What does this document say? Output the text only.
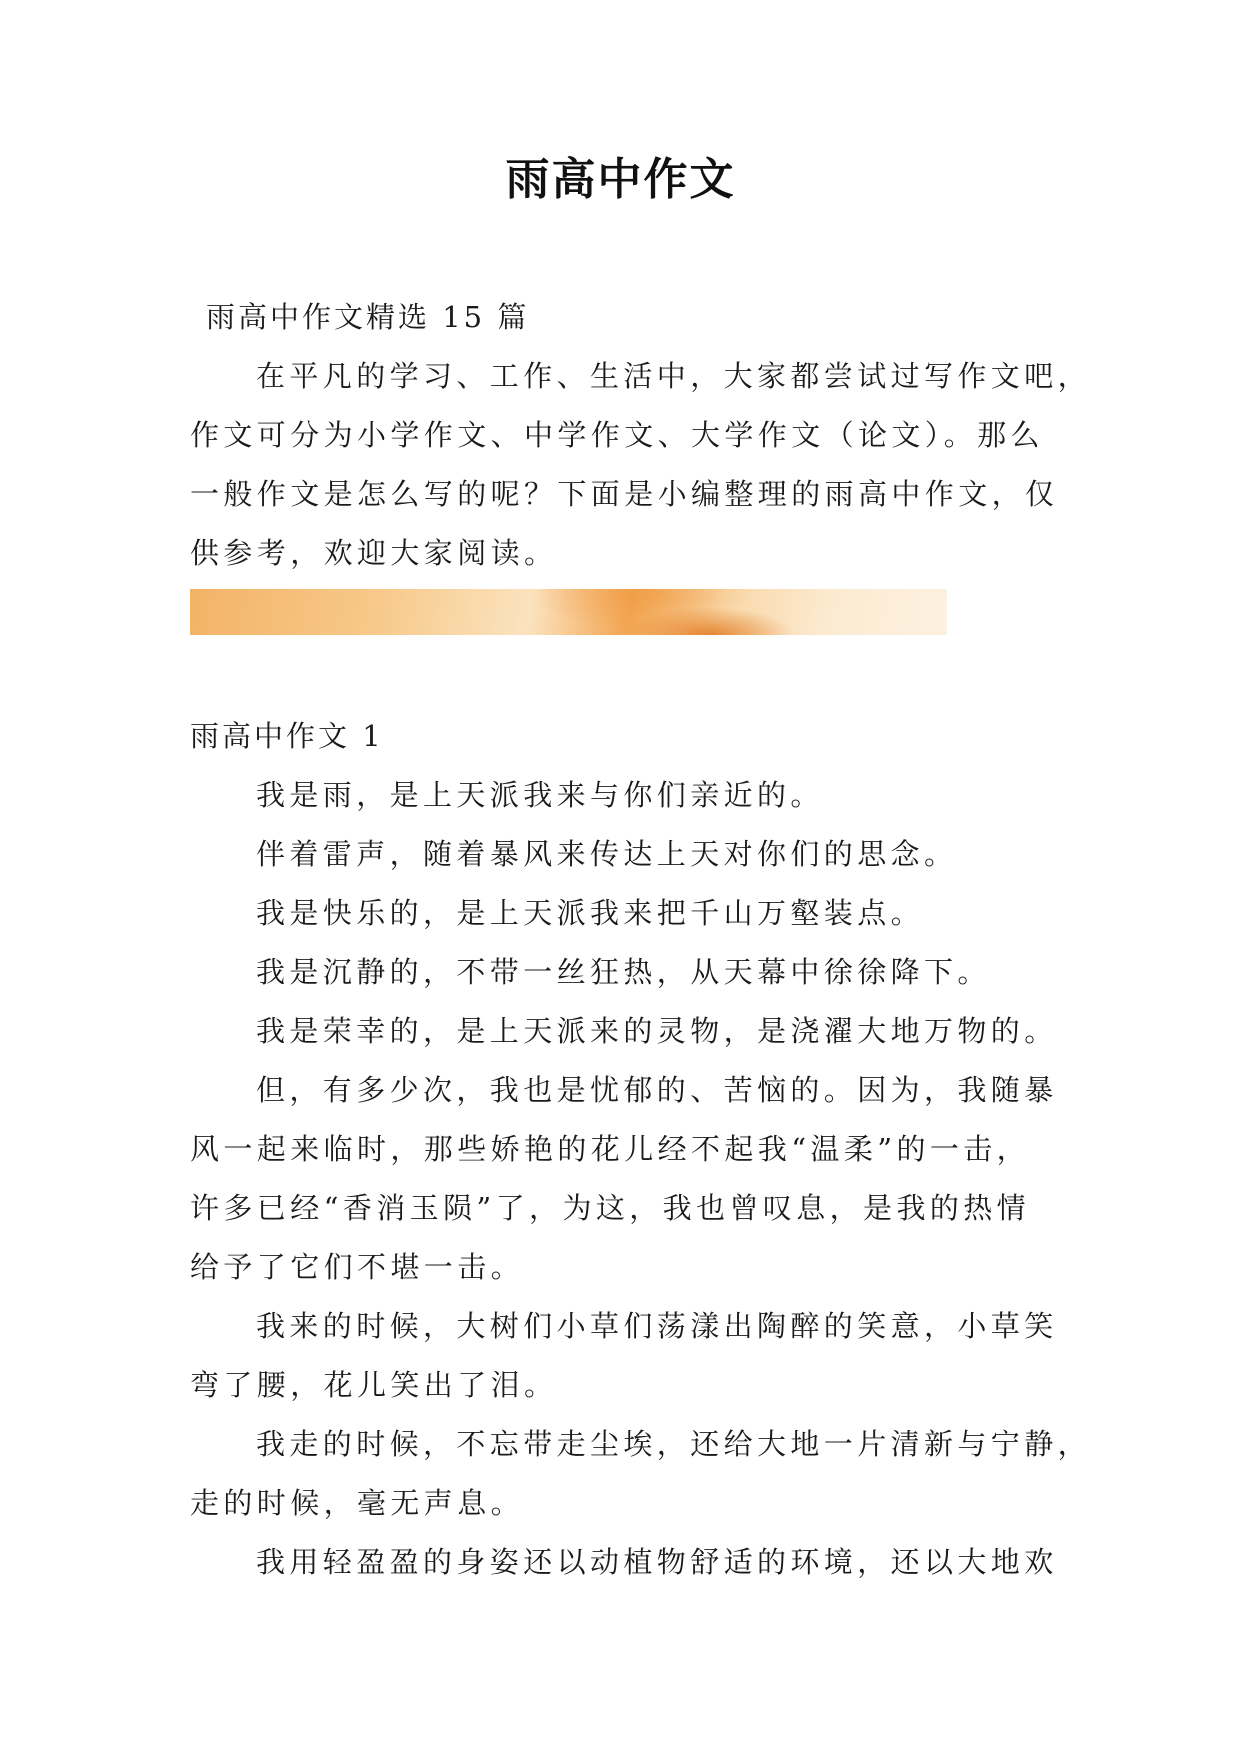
雨高中作文
雨高中作文精选 15 篇
在平凡的学习、工作、生活中，大家都尝试过写作文吧，
作文可分为小学作文、中学作文、大学作文（论文）。那么
一般作文是怎么写的呢？下面是小编整理的雨高中作文，仅
供参考，欢迎大家阅读。
雨高中作文 1
我是雨，是上天派我来与你们亲近的。
伴着雷声，随着暴风来传达上天对你们的思念。
我是快乐的，是上天派我来把千山万壑装点。
我是沉静的，不带一丝狂热，从天幕中徐徐降下。
我是荣幸的，是上天派来的灵物，是浇濯大地万物的。
但，有多少次，我也是忧郁的、苦恼的。因为，我随暴
风一起来临时，那些娇艳的花儿经不起我“温柔”的一击，
许多已经“香消玉陨”了，为这，我也曾叹息，是我的热情
给予了它们不堪一击。
我来的时候，大树们小草们荡漾出陶醉的笑意，小草笑
弯了腰，花儿笑出了泪。
我走的时候，不忘带走尘埃，还给大地一片清新与宁静，
走的时候，毫无声息。
我用轻盈盈的身姿还以动植物舒适的环境，还以大地欢
